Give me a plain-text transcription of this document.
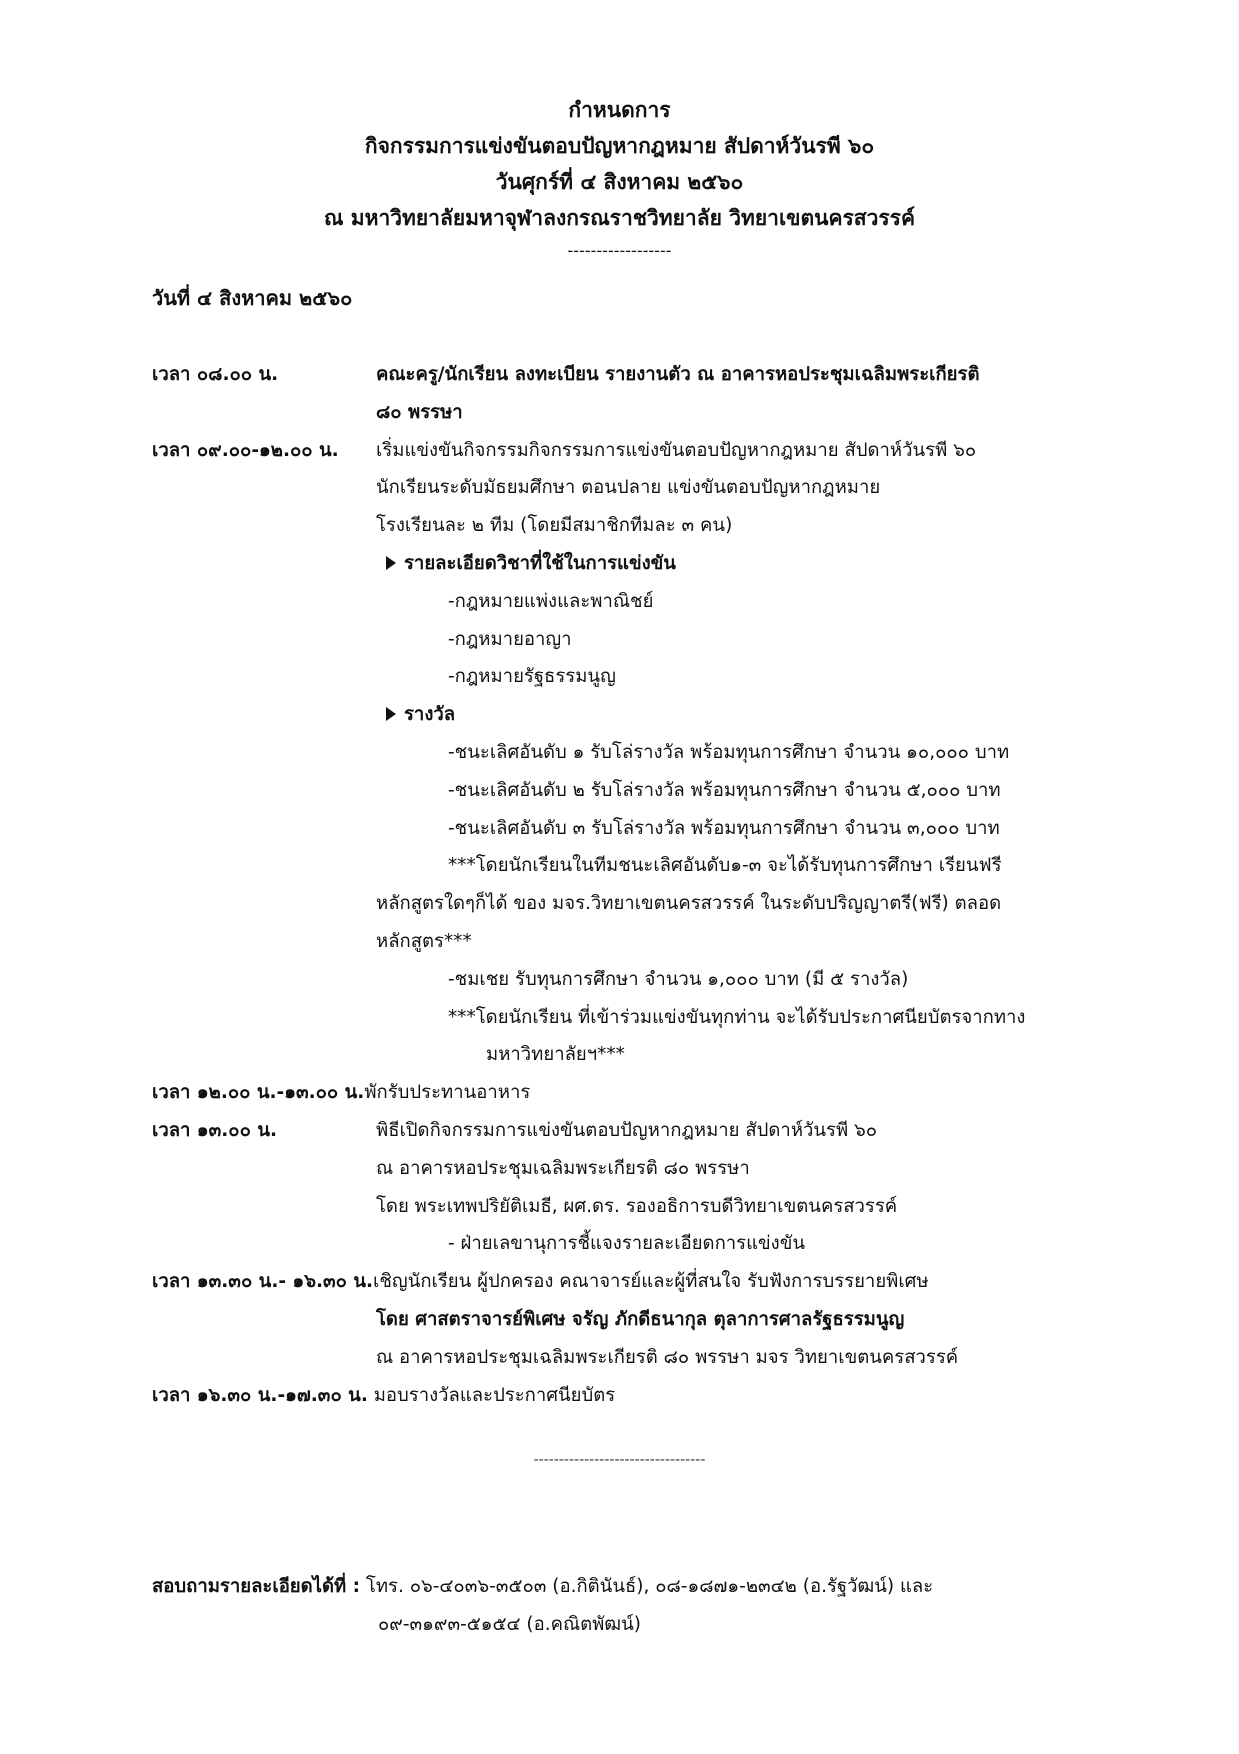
กำหนดการ
กิจกรรมการแข่งขันตอบปัญหากฎหมาย สัปดาห์วันรพี ๖๐
วันศุกร์ที่ ๔ สิงหาคม ๒๕๖๐
ณ มหาวิทยาลัยมหาจุฬาลงกรณราชวิทยาลัย วิทยาเขตนครสวรรค์
------------------
วันที่ ๔ สิงหาคม ๒๕๖๐
เวลา ๐๘.๐๐ น.	คณะครู/นักเรียน ลงทะเบียน รายงานตัว ณ อาคารหอประชุมเฉลิมพระเกียรติ
๘๐ พรรษา
เวลา ๐๙.๐๐-๑๒.๐๐ น. เริ่มแข่งขันกิจกรรมกิจกรรมการแข่งขันตอบปัญหากฎหมาย สัปดาห์วันรพี ๖๐
นักเรียนระดับมัธยมศึกษา ตอนปลาย แข่งขันตอบปัญหากฎหมาย
โรงเรียนละ ๒ ทีม (โดยมีสมาชิกทีมละ ๓ คน)
รายละเอียดวิชาที่ใช้ในการแข่งขัน
-กฎหมายแพ่งและพาณิชย์
-กฎหมายอาญา
-กฎหมายรัฐธรรมนูญ
รางวัล
-ชนะเลิศอันดับ ๑ รับโล่รางวัล พร้อมทุนการศึกษา จำนวน ๑๐,๐๐๐ บาท
-ชนะเลิศอันดับ ๒ รับโล่รางวัล พร้อมทุนการศึกษา จำนวน ๕,๐๐๐ บาท
-ชนะเลิศอันดับ ๓ รับโล่รางวัล พร้อมทุนการศึกษา จำนวน ๓,๐๐๐ บาท
***โดยนักเรียนในทีมชนะเลิศอันดับ๑-๓ จะได้รับทุนการศึกษา เรียนฟรี
หลักสูตรใดๆก็ได้ ของ มจร.วิทยาเขตนครสวรรค์ ในระดับปริญญาตรี(ฟรี) ตลอด
หลักสูตร***
-ชมเชย รับทุนการศึกษา จำนวน ๑,๐๐๐ บาท (มี ๕ รางวัล)
***โดยนักเรียน ที่เข้าร่วมแข่งขันทุกท่าน จะได้รับประกาศนียบัตรจากทาง
มหาวิทยาลัยฯ***
เวลา ๑๒.๐๐ น.-๑๓.๐๐ น.พักรับประทานอาหาร
เวลา ๑๓.๐๐ น.	พิธีเปิดกิจกรรมการแข่งขันตอบปัญหากฎหมาย สัปดาห์วันรพี ๖๐
ณ อาคารหอประชุมเฉลิมพระเกียรติ ๘๐ พรรษา
โดย พระเทพปริยัติเมธี, ผศ.ดร. รองอธิการบดีวิทยาเขตนครสวรรค์
- ฝ่ายเลขานุการชี้แจงรายละเอียดการแข่งขัน
เวลา ๑๓.๓๐ น.- ๑๖.๓๐ น.เชิญนักเรียน ผู้ปกครอง คณาจารย์และผู้ที่สนใจ รับฟังการบรรยายพิเศษ
โดย ศาสตราจารย์พิเศษ จรัญ ภักดีธนากุล ตุลาการศาลรัฐธรรมนูญ
ณ อาคารหอประชุมเฉลิมพระเกียรติ ๘๐ พรรษา มจร วิทยาเขตนครสวรรค์
เวลา ๑๖.๓๐ น.-๑๗.๓๐ น. มอบรางวัลและประกาศนียบัตร
----------------------------------
สอบถามรายละเอียดได้ที่ : โทร. ๐๖-๔๐๓๖-๓๕๐๓ (อ.กิตินันธ์), ๐๘-๑๘๗๑-๒๓๔๒ (อ.รัฐวัฒน์) และ
๐๙-๓๑๙๓-๕๑๕๔ (อ.คณิตพัฒน์)
